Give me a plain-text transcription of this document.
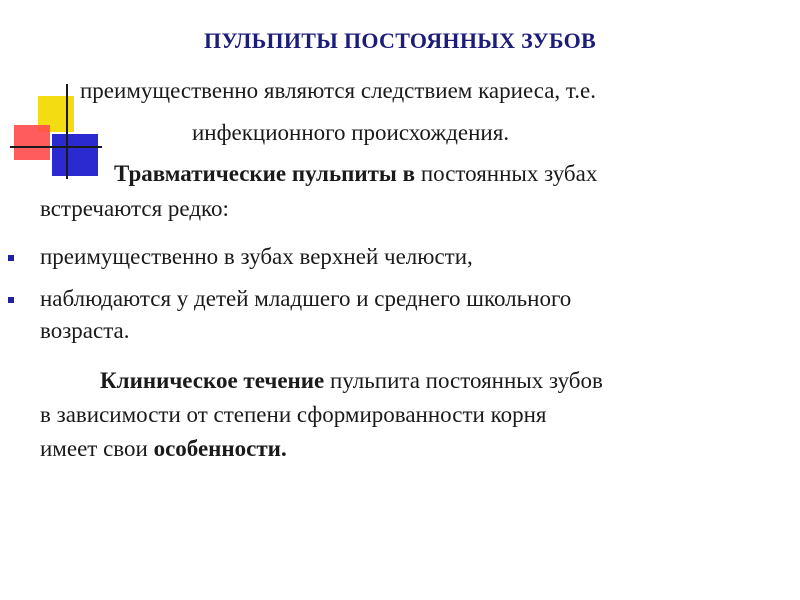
ПУЛЬПИТЫ ПОСТОЯННЫХ ЗУБОВ
преимущественно являются следствием кариеса, т.е.
инфекционного происхождения.
Травматические пульпиты в постоянных зубах
встречаются редко:
преимущественно в зубах верхней челюсти,
наблюдаются у детей младшего и среднего школьного
возраста.
Клиническое течение пульпита постоянных зубов
в зависимости от степени сформированности корня
имеет свои особенности.
